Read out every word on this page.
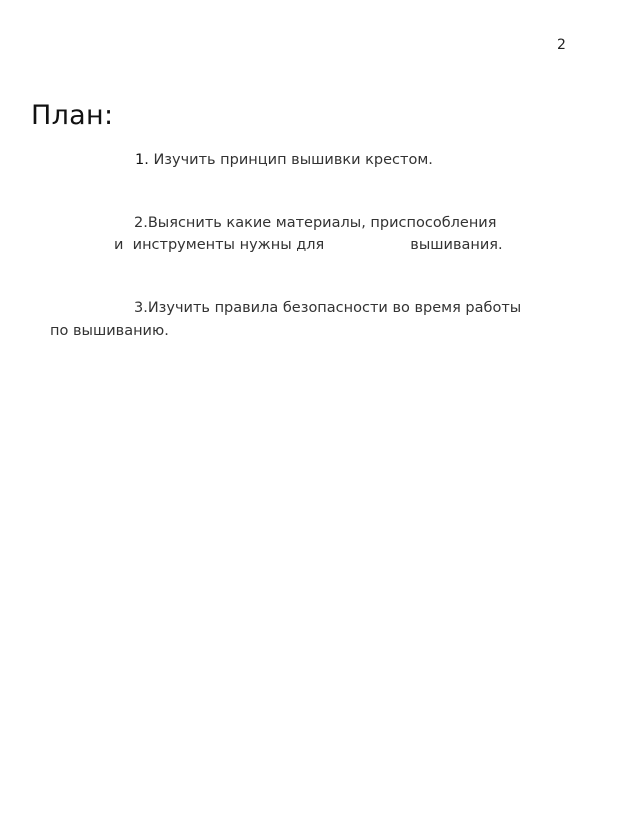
2
План:
1. Изучить принцип вышивки крестом.
2.Выяснить какие материалы, приспособления
и  инструменты нужны для	вышивания.
3.Изучить правила безопасности во время работы
по вышиванию.
